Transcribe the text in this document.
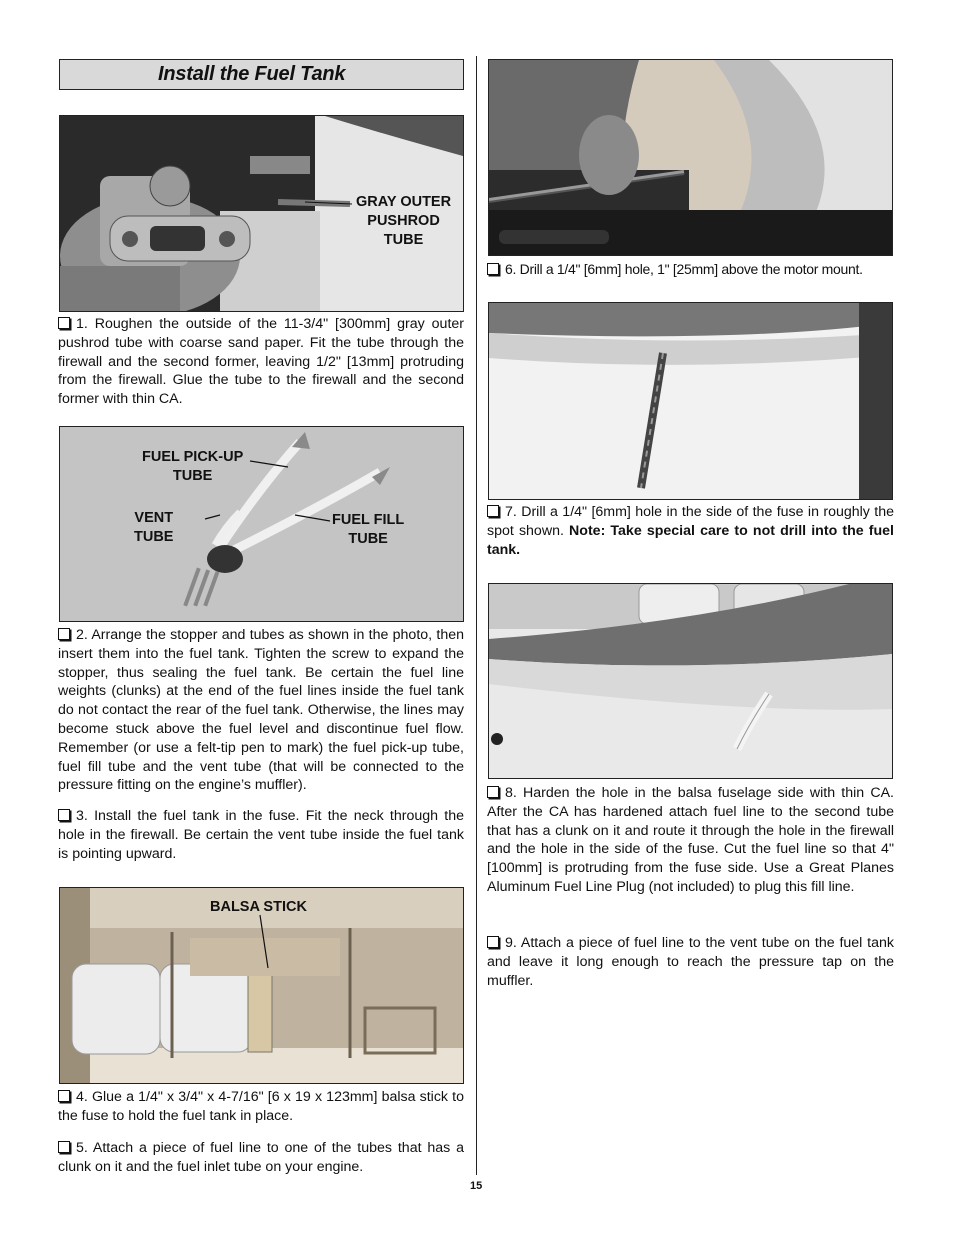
Install the Fuel Tank
GRAY OUTER
PUSHROD
TUBE
1. Roughen the outside of the 11-3/4" [300mm] gray outer pushrod tube with coarse sand paper. Fit the tube through the firewall and the second former, leaving 1/2" [13mm] protruding from the firewall. Glue the tube to the firewall and the second former with thin CA.
FUEL PICK-UP
TUBE
VENT
TUBE
FUEL FILL
TUBE
2. Arrange the stopper and tubes as shown in the photo, then insert them into the fuel tank. Tighten the screw to expand the stopper, thus sealing the fuel tank. Be certain the fuel line weights (clunks) at the end of the fuel lines inside the fuel tank do not contact the rear of the fuel tank. Otherwise, the lines may become stuck above the fuel level and discontinue fuel flow. Remember (or use a felt-tip pen to mark) the fuel pick-up tube, fuel fill tube and the vent tube (that will be connected to the pressure fitting on the engine’s muffler).
3. Install the fuel tank in the fuse. Fit the neck through the hole in the firewall. Be certain the vent tube inside the fuel tank is pointing upward.
BALSA STICK
4. Glue a 1/4" x 3/4" x 4-7/16" [6 x 19 x 123mm] balsa stick to the fuse to hold the fuel tank in place.
5. Attach a piece of fuel line to one of the tubes that has a clunk on it and the fuel inlet tube on your engine.
6. Drill a 1/4" [6mm] hole, 1" [25mm] above the motor mount.
7. Drill a 1/4" [6mm] hole in the side of the fuse in roughly the spot shown. Note: Take special care to not drill into the fuel tank.
8. Harden the hole in the balsa fuselage side with thin CA. After the CA has hardened attach fuel line to the second tube that has a clunk on it and route it through the hole in the firewall and the hole in the side of the fuse. Cut the fuel line so that 4" [100mm] is protruding from the fuse side. Use a Great Planes Aluminum Fuel Line Plug (not included) to plug this fill line.
9. Attach a piece of fuel line to the vent tube on the fuel tank and leave it long enough to reach the pressure tap on the muffler.
15
